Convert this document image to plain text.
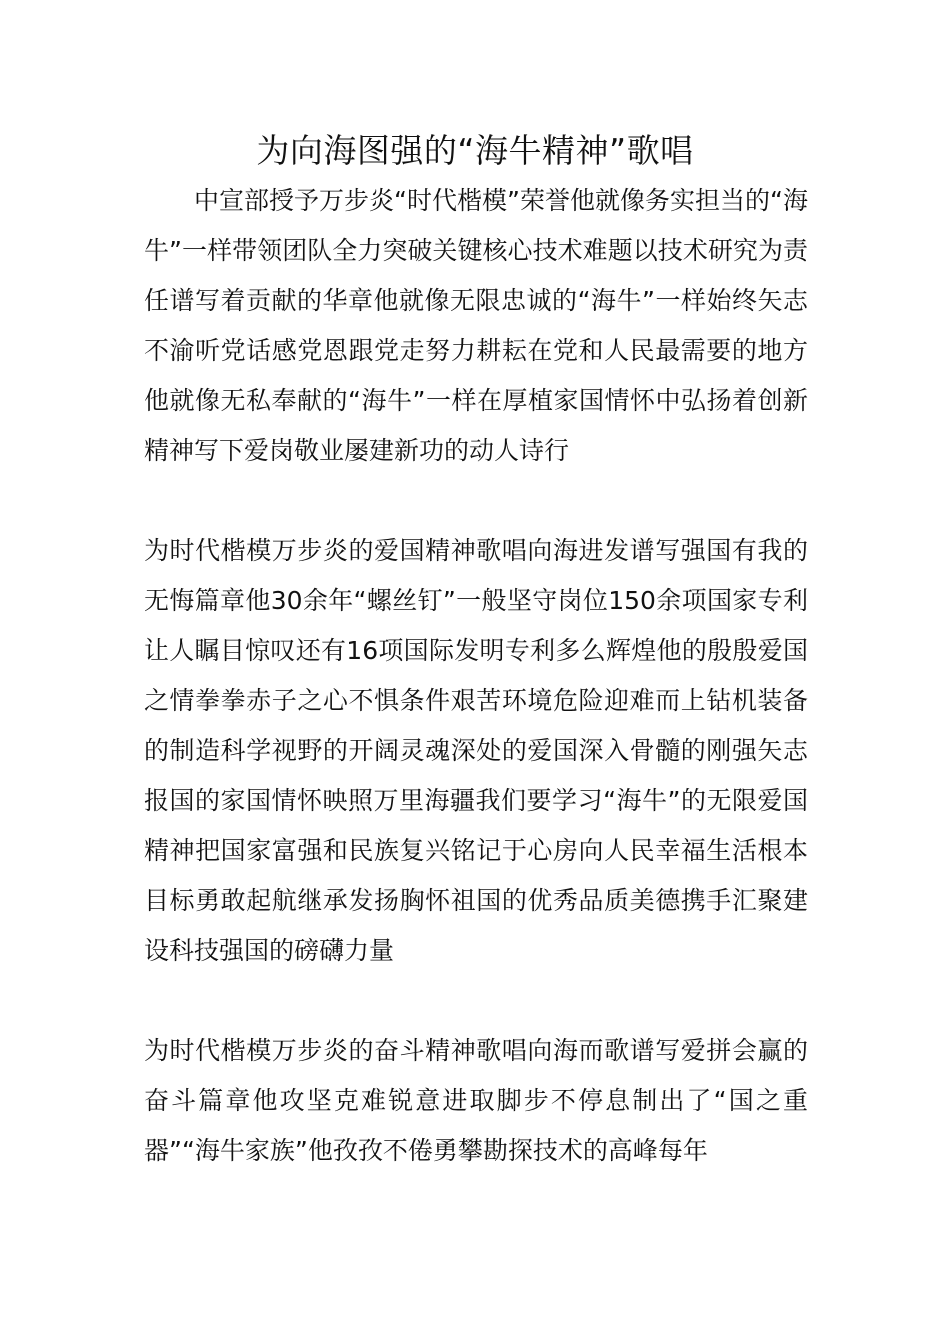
为向海图强的“海牛精神”歌唱

中宣部授予万步炎“时代楷模”荣誉他就像务实担当的“海牛”一样带领团队全力突破关键核心技术难题以技术研究为责任谱写着贡献的华章他就像无限忠诚的“海牛”一样始终矢志不渝听党话感党恩跟党走努力耕耘在党和人民最需要的地方他就像无私奉献的“海牛”一样在厚植家国情怀中弘扬着创新精神写下爱岗敬业屡建新功的动人诗行

为时代楷模万步炎的爱国精神歌唱向海进发谱写强国有我的无悔篇章他30余年“螺丝钉”一般坚守岗位150余项国家专利让人瞩目惊叹还有16项国际发明专利多么辉煌他的殷殷爱国之情拳拳赤子之心不惧条件艰苦环境危险迎难而上钻机装备的制造科学视野的开阔灵魂深处的爱国深入骨髓的刚强矢志报国的家国情怀映照万里海疆我们要学习“海牛”的无限爱国精神把国家富强和民族复兴铭记于心房向人民幸福生活根本目标勇敢起航继承发扬胸怀祖国的优秀品质美德携手汇聚建设科技强国的磅礴力量

为时代楷模万步炎的奋斗精神歌唱向海而歌谱写爱拼会赢的奋斗篇章他攻坚克难锐意进取脚步不停息制出了“国之重器”“海牛家族”他孜孜不倦勇攀勘探技术的高峰每年
